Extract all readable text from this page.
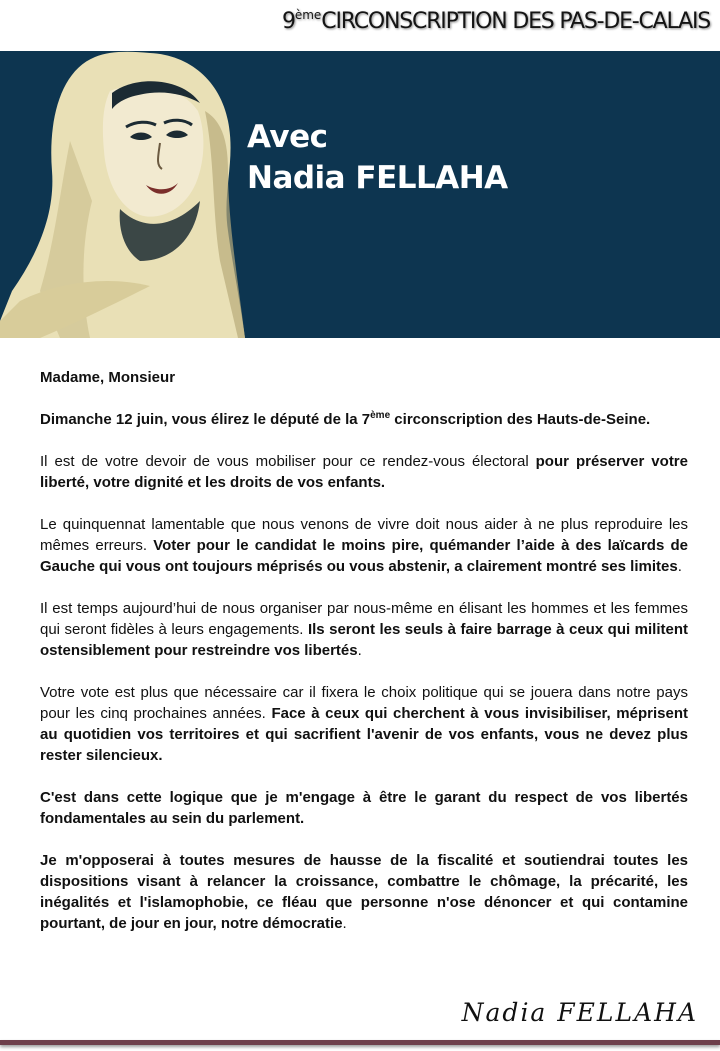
9èmeCIRCONSCRIPTION DES PAS-DE-CALAIS
Avec
Nadia FELLAHA

Madame, Monsieur

Dimanche 12 juin, vous élirez le député de la 7ème circonscription des Hauts-de-Seine.

Il est de votre devoir de vous mobiliser pour ce rendez-vous électoral pour préserver votre liberté, votre dignité et les droits de vos enfants.

Le quinquennat lamentable que nous venons de vivre doit nous aider à ne plus reproduire les mêmes erreurs. Voter pour le candidat le moins pire, quémander l’aide à des laïcards de Gauche qui vous ont toujours méprisés ou vous abstenir, a clairement montré ses limites.

Il est temps aujourd’hui de nous organiser par nous-même en élisant les hommes et les femmes qui seront fidèles à leurs engagements. Ils seront les seuls à faire barrage à ceux qui militent ostensiblement pour restreindre vos libertés.

Votre vote est plus que nécessaire car il fixera le choix politique qui se jouera dans notre pays pour les cinq prochaines années. Face à ceux qui cherchent à vous invisibiliser, méprisent au quotidien vos territoires et qui sacrifient l'avenir de vos enfants, vous ne devez plus rester silencieux.

C'est dans cette logique que je m'engage à être le garant du respect de vos libertés fondamentales au sein du parlement.

Je m'opposerai à toutes mesures de hausse de la fiscalité et soutiendrai toutes les dispositions visant à relancer la croissance, combattre le chômage, la précarité, les inégalités et l'islamophobie, ce fléau que personne n'ose dénoncer et qui contamine pourtant, de jour en jour, notre démocratie.

Nadia FELLAHA
